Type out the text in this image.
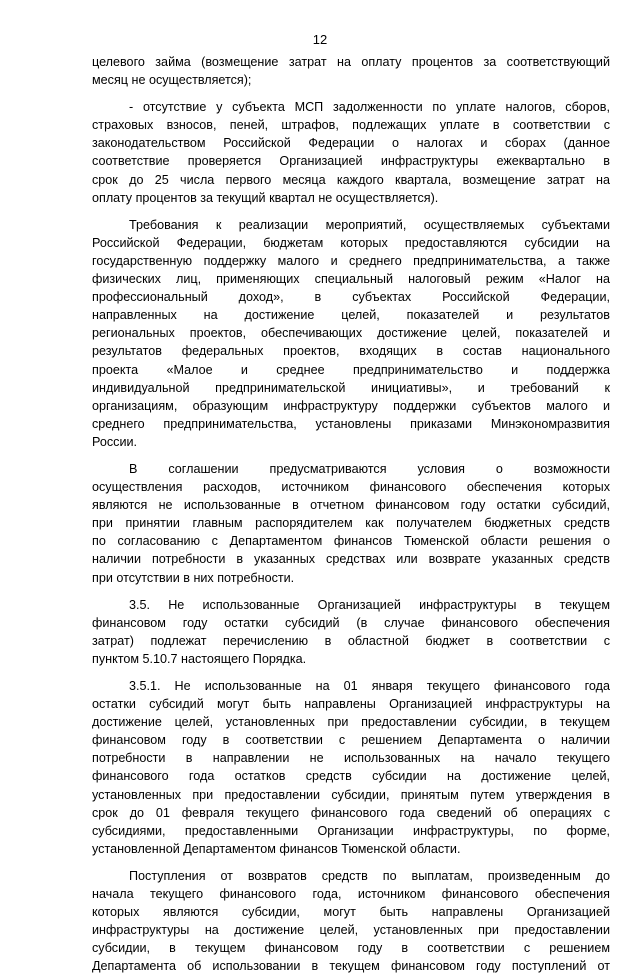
12

целевого займа (возмещение затрат на оплату процентов за соответствующий
месяц не осуществляется);

- отсутствие у субъекта МСП задолженности по уплате налогов, сборов,
страховых взносов, пеней, штрафов, подлежащих уплате в соответствии с
законодательством Российской Федерации о налогах и сборах (данное
соответствие проверяется Организацией инфраструктуры ежеквартально в
срок до 25 числа первого месяца каждого квартала, возмещение затрат на
оплату процентов за текущий квартал не осуществляется).

Требования к реализации мероприятий, осуществляемых субъектами
Российской Федерации, бюджетам которых предоставляются субсидии на
государственную поддержку малого и среднего предпринимательства, а также
физических лиц, применяющих специальный налоговый режим «Налог на
профессиональный доход», в субъектах Российской Федерации,
направленных на достижение целей, показателей и результатов
региональных проектов, обеспечивающих достижение целей, показателей и
результатов федеральных проектов, входящих в состав национального
проекта «Малое и среднее предпринимательство и поддержка
индивидуальной предпринимательской инициативы», и требований к
организациям, образующим инфраструктуру поддержки субъектов малого и
среднего предпринимательства, установлены приказами Минэкономразвития
России.

В соглашении предусматриваются условия о возможности
осуществления расходов, источником финансового обеспечения которых
являются не использованные в отчетном финансовом году остатки субсидий,
при принятии главным распорядителем как получателем бюджетных средств
по согласованию с Департаментом финансов Тюменской области решения о
наличии потребности в указанных средствах или возврате указанных средств
при отсутствии в них потребности.

3.5. Не использованные Организацией инфраструктуры в текущем
финансовом году остатки субсидий (в случае финансового обеспечения
затрат) подлежат перечислению в областной бюджет в соответствии с
пунктом 5.10.7 настоящего Порядка.

3.5.1. Не использованные на 01 января текущего финансового года
остатки субсидий могут быть направлены Организацией инфраструктуры на
достижение целей, установленных при предоставлении субсидии, в текущем
финансовом году в соответствии с решением Департамента о наличии
потребности в направлении не использованных на начало текущего
финансового года остатков средств субсидии на достижение целей,
установленных при предоставлении субсидии, принятым путем утверждения в
срок до 01 февраля текущего финансового года сведений об операциях с
субсидиями, предоставленными Организации инфраструктуры, по форме,
установленной Департаментом финансов Тюменской области.

Поступления от возвратов средств по выплатам, произведенным до
начала текущего финансового года, источником финансового обеспечения
которых являются субсидии, могут быть направлены Организацией
инфраструктуры на достижение целей, установленных при предоставлении
субсидии, в текущем финансовом году в соответствии с решением
Департамента об использовании в текущем финансовом году поступлений от
